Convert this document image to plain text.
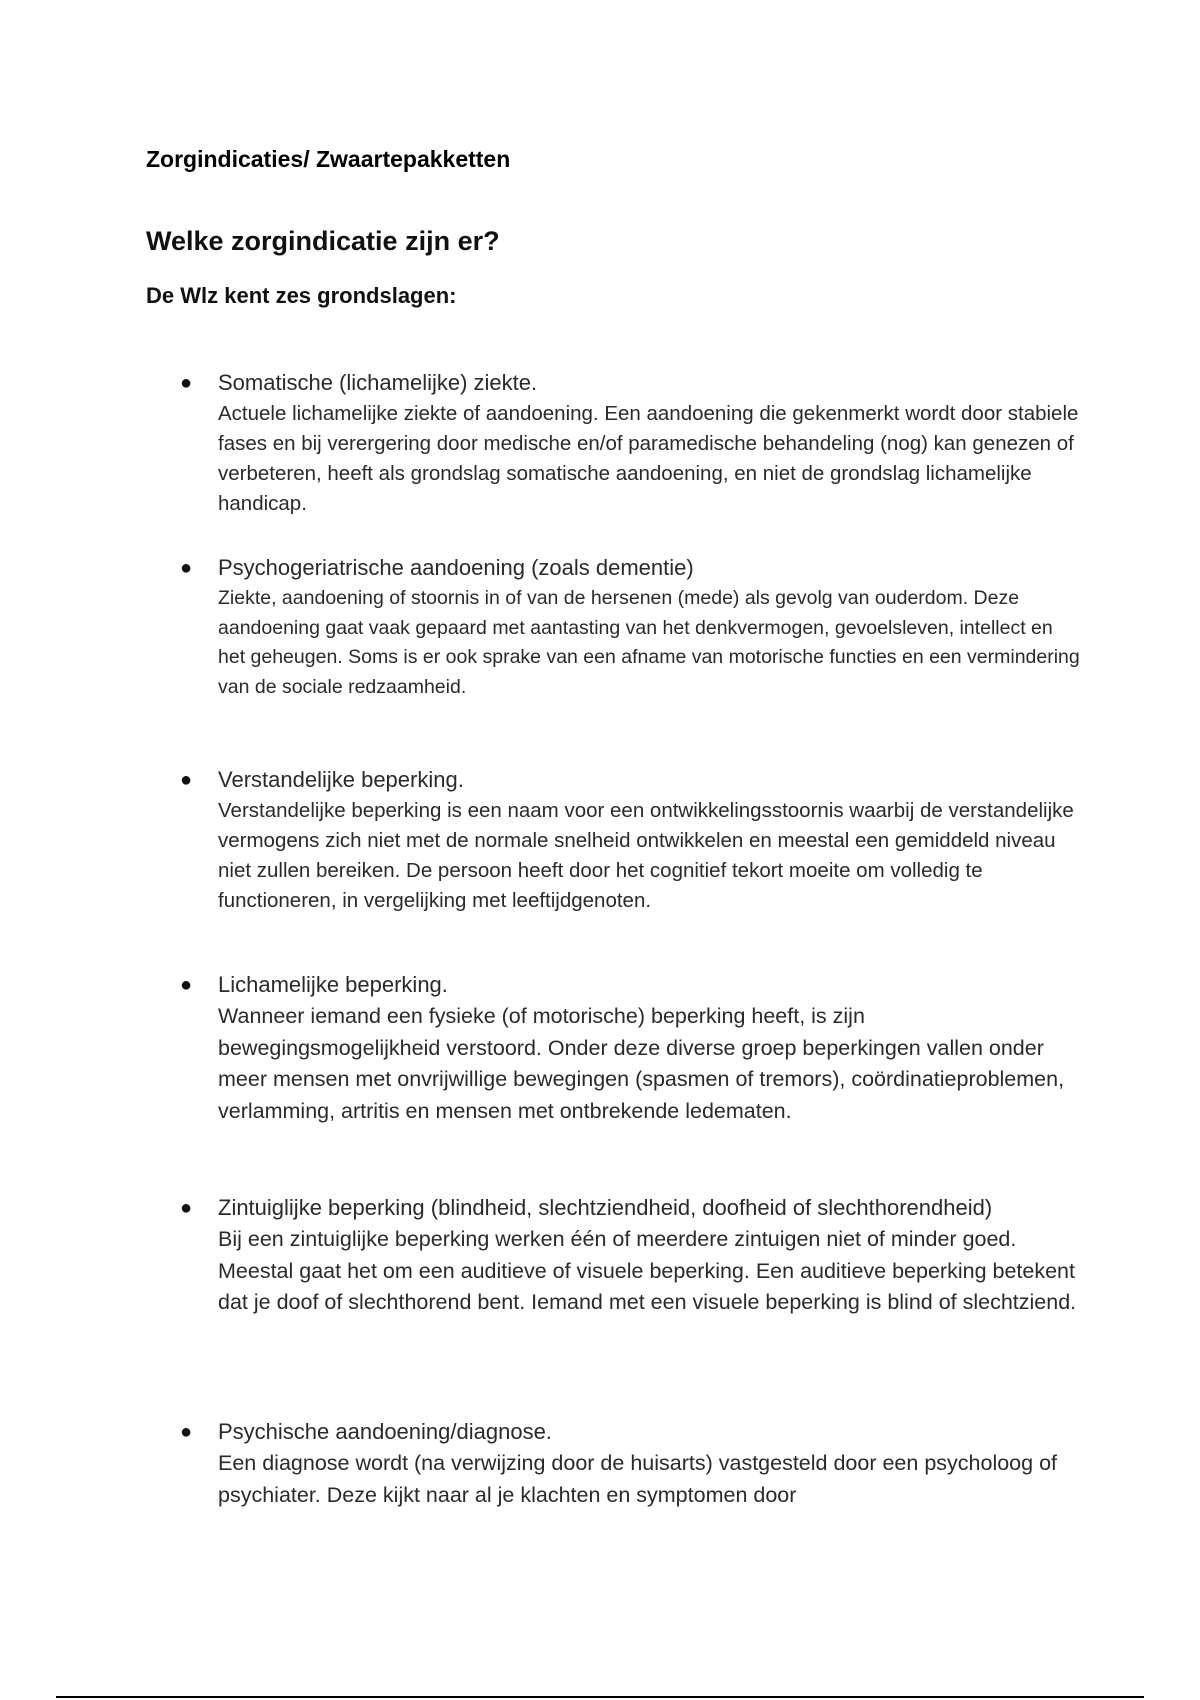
Zorgindicaties/ Zwaartepakketten
Welke zorgindicatie zijn er?
De Wlz kent zes grondslagen:
● Somatische (lichamelijke) ziekte.

Actuele lichamelijke ziekte of aandoening. Een aandoening die gekenmerkt wordt door stabiele fases en bij verergering door medische en/of paramedische behandeling (nog) kan genezen of verbeteren, heeft als grondslag somatische aandoening, en niet de grondslag lichamelijke handicap.

● Psychogeriatrische aandoening (zoals dementie)

Ziekte, aandoening of stoornis in of van de hersenen (mede) als gevolg van ouderdom. Deze aandoening gaat vaak gepaard met aantasting van het denkvermogen, gevoelsleven, intellect en het geheugen. Soms is er ook sprake van een afname van motorische functies en een vermindering van de sociale redzaamheid.

● Verstandelijke beperking.

Verstandelijke beperking is een naam voor een ontwikkelingsstoornis waarbij de verstandelijke vermogens zich niet met de normale snelheid ontwikkelen en meestal een gemiddeld niveau niet zullen bereiken. De persoon heeft door het cognitief tekort moeite om volledig te functioneren, in vergelijking met leeftijdgenoten.

● Lichamelijke beperking.

Wanneer iemand een fysieke (of motorische) beperking heeft, is zijn bewegingsmogelijkheid verstoord. Onder deze diverse groep beperkingen vallen onder meer mensen met onvrijwillige bewegingen (spasmen of tremors), coördinatieproblemen, verlamming, artritis en mensen met ontbrekende ledematen.

● Zintuiglijke beperking (blindheid, slechtziendheid, doofheid of slechthorendheid)

Bij een zintuiglijke beperking werken één of meerdere zintuigen niet of minder goed. Meestal gaat het om een auditieve of visuele beperking. Een auditieve beperking betekent dat je doof of slechthorend bent. Iemand met een visuele beperking is blind of slechtziend.

● Psychische aandoening/diagnose.

Een diagnose wordt (na verwijzing door de huisarts) vastgesteld door een psycholoog of psychiater. Deze kijkt naar al je klachten en symptomen door
